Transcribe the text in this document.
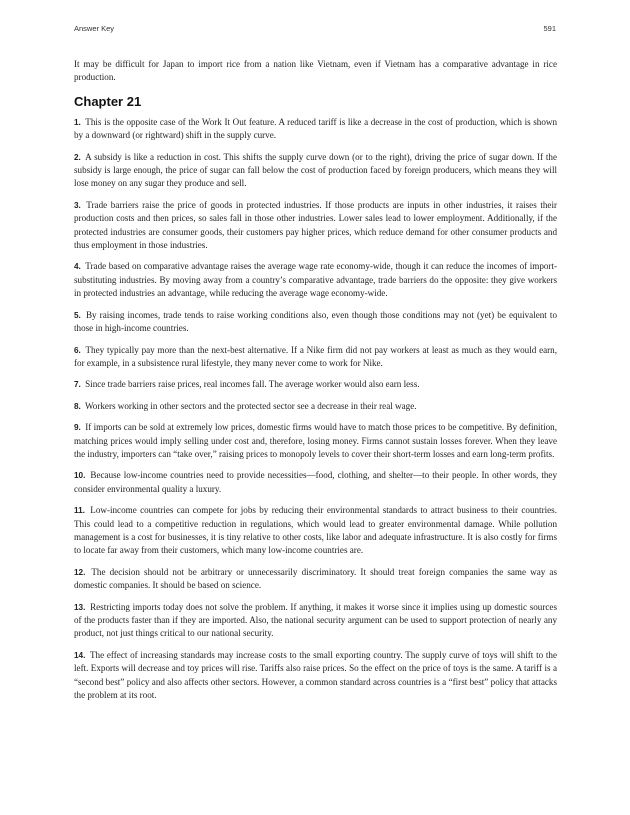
Answer Key	591

It may be difficult for Japan to import rice from a nation like Vietnam, even if Vietnam has a comparative advantage in rice production.

Chapter 21

1. This is the opposite case of the Work It Out feature. A reduced tariff is like a decrease in the cost of production, which is shown by a downward (or rightward) shift in the supply curve.

2. A subsidy is like a reduction in cost. This shifts the supply curve down (or to the right), driving the price of sugar down. If the subsidy is large enough, the price of sugar can fall below the cost of production faced by foreign producers, which means they will lose money on any sugar they produce and sell.

3. Trade barriers raise the price of goods in protected industries. If those products are inputs in other industries, it raises their production costs and then prices, so sales fall in those other industries. Lower sales lead to lower employment. Additionally, if the protected industries are consumer goods, their customers pay higher prices, which reduce demand for other consumer products and thus employment in those industries.

4. Trade based on comparative advantage raises the average wage rate economy-wide, though it can reduce the incomes of import-substituting industries. By moving away from a country’s comparative advantage, trade barriers do the opposite: they give workers in protected industries an advantage, while reducing the average wage economy-wide.

5. By raising incomes, trade tends to raise working conditions also, even though those conditions may not (yet) be equivalent to those in high-income countries.

6. They typically pay more than the next-best alternative. If a Nike firm did not pay workers at least as much as they would earn, for example, in a subsistence rural lifestyle, they many never come to work for Nike.

7. Since trade barriers raise prices, real incomes fall. The average worker would also earn less.

8. Workers working in other sectors and the protected sector see a decrease in their real wage.

9. If imports can be sold at extremely low prices, domestic firms would have to match those prices to be competitive. By definition, matching prices would imply selling under cost and, therefore, losing money. Firms cannot sustain losses forever. When they leave the industry, importers can “take over,” raising prices to monopoly levels to cover their short-term losses and earn long-term profits.

10. Because low-income countries need to provide necessities—food, clothing, and shelter—to their people. In other words, they consider environmental quality a luxury.

11. Low-income countries can compete for jobs by reducing their environmental standards to attract business to their countries. This could lead to a competitive reduction in regulations, which would lead to greater environmental damage. While pollution management is a cost for businesses, it is tiny relative to other costs, like labor and adequate infrastructure. It is also costly for firms to locate far away from their customers, which many low-income countries are.

12. The decision should not be arbitrary or unnecessarily discriminatory. It should treat foreign companies the same way as domestic companies. It should be based on science.

13. Restricting imports today does not solve the problem. If anything, it makes it worse since it implies using up domestic sources of the products faster than if they are imported. Also, the national security argument can be used to support protection of nearly any product, not just things critical to our national security.

14. The effect of increasing standards may increase costs to the small exporting country. The supply curve of toys will shift to the left. Exports will decrease and toy prices will rise. Tariffs also raise prices. So the effect on the price of toys is the same. A tariff is a “second best” policy and also affects other sectors. However, a common standard across countries is a “first best” policy that attacks the problem at its root.
